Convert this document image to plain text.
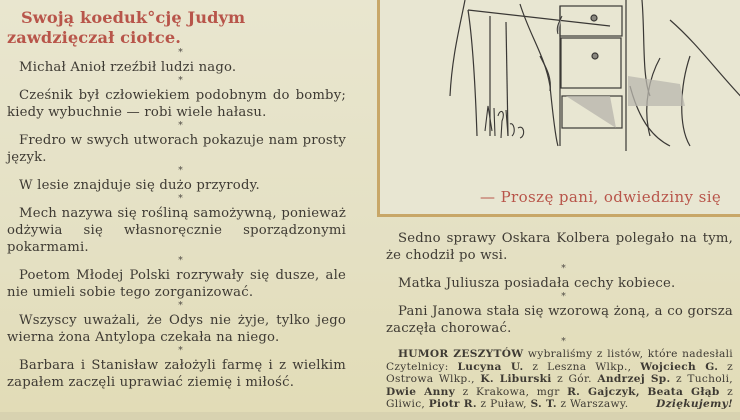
Swoją koeduk°cję Judym zawdzięczał ciotce.
*
Michał Anioł rzeźbił ludzi nago.
*
Cześnik był człowiekiem podobnym do bomby; kiedy wybuchnie — robi wiele hałasu.
*
Fredro w swych utworach pokazuje nam prosty język.
*
W lesie znajduje się dużo przyrody.
*
Mech nazywa się rośliną samożywną, ponieważ odżywia się własnoręcznie sporządzonymi pokarmami.
*
Poetom Młodej Polski rozrywały się dusze, ale nie umieli sobie tego zorganizować.
*
Wszyscy uważali, że Odys nie żyje, tylko jego wierna żona Antylopa czekała na niego.
*
Barbara i Stanisław założyli farmę i z wielkim zapałem zaczęli uprawiać ziemię i miłość.
— Proszę pani, odwiedziny się
Sedno sprawy Oskara Kolbera polegało na tym, że chodził po wsi.
*
Matka Juliusza posiadała cechy kobiece.
*
Pani Janowa stała się wzorową żoną, a co gorsza zaczęła chorować.
*
HUMOR ZESZYTÓW wybraliśmy z listów, które nadesłali Czytelnicy: Lucyna U. z Leszna Wlkp., Wojciech G. z Ostrowa Wlkp., K. Liburski z Gór. Andrzej Sp. z Tucholi, Dwie Anny z Krakowa, mgr R. Gajczyk, Beata Głąb z Gliwic, Piotr R. z Puław, S. T. z Warszawy.	Dziękujemy!
